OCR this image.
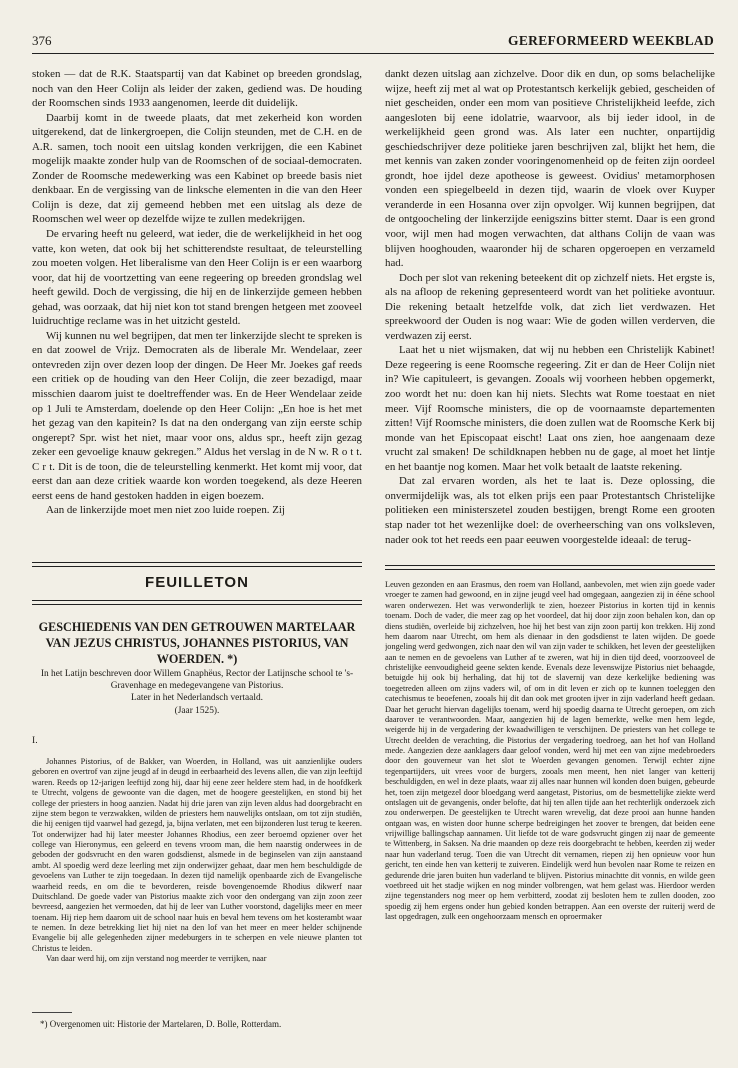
376	GEREFORMEERD WEEKBLAD

stoken — dat de R.K. Staatspartij van dat Kabinet op breeden grondslag, noch van den Heer Colijn als leider der zaken, gediend was. De houding der Roomschen sinds 1933 aangenomen, leerde dit duidelijk.

Daarbij komt in de tweede plaats, dat met zekerheid kon worden uitgerekend, dat de linkergroepen, die Colijn steunden, met de C.H. en de A.R. samen, toch nooit een uitslag konden verkrijgen, die een Kabinet mogelijk maakte zonder hulp van de Roomschen of de sociaal-democraten. Zonder de Roomsche medewerking was een Kabinet op breede basis niet denkbaar. En de vergissing van de linksche elementen in die van den Heer Colijn is deze, dat zij gemeend hebben met een uitslag als deze de Roomschen wel weer op dezelfde wijze te zullen medekrijgen.

De ervaring heeft nu geleerd, wat ieder, die de werkelijkheid in het oog vatte, kon weten, dat ook bij het schitterendste resultaat, de teleurstelling zou moeten volgen. Het liberalisme van den Heer Colijn is er een waarborg voor, dat hij de voortzetting van eene regeering op breeden grondslag wel heeft gewild. Doch de vergissing, die hij en de linkerzijde gemeen hebben gehad, was oorzaak, dat hij niet kon tot stand brengen hetgeen met zooveel luidruchtige reclame was in het uitzicht gesteld.

Wij kunnen nu wel begrijpen, dat men ter linkerzijde slecht te spreken is en dat zoowel de Vrijz. Democraten als de liberale Mr. Wendelaar, zeer ontevreden zijn over dezen loop der dingen. De Heer Mr. Joekes gaf reeds een critiek op de houding van den Heer Colijn, die zeer bezadigd, maar misschien daarom juist te doeltreffender was. En de Heer Wendelaar zeide op 1 Juli te Amsterdam, doelende op den Heer Colijn: „En hoe is het met het gezag van den kapitein? Is dat na den ondergang van zijn eerste schip ongerept? Spr. wist het niet, maar voor ons, aldus spr., heeft zijn gezag zeker een gevoelige knauw gekregen.” Aldus het verslag in de N w. R o t t. C r t. Dit is de toon, die de teleurstelling kenmerkt. Het komt mij voor, dat eerst dan aan deze critiek waarde kon worden toegekend, als deze Heeren eerst eens de hand gestoken hadden in eigen boezem.

Aan de linkerzijde moet men niet zoo luide roepen. Zij

dankt dezen uitslag aan zichzelve. Door dik en dun, op soms belachelijke wijze, heeft zij met al wat op Protestantsch kerkelijk gebied, gescheiden of niet gescheiden, onder een mom van positieve Christelijkheid leefde, zich aangesloten bij eene idolatrie, waarvoor, als bij ieder idool, in de werkelijkheid geen grond was. Als later een nuchter, onpartijdig geschiedschrijver deze politieke jaren beschrijven zal, blijkt het hem, die met kennis van zaken zonder vooringenomenheid op de feiten zijn oordeel grondt, hoe ijdel deze apotheose is geweest. Ovidius' metamorphosen vonden een spiegelbeeld in dezen tijd, waarin de vloek over Kuyper veranderde in een Hosanna over zijn opvolger. Wij kunnen begrijpen, dat de ontgoocheling der linkerzijde eenigszins bitter stemt. Daar is een grond voor, wijl men had mogen verwachten, dat althans Colijn de vaan was blijven hooghouden, waaronder hij de scharen opgeroepen en verzameld had.

Doch per slot van rekening beteekent dit op zichzelf niets. Het ergste is, als na afloop de rekening gepresenteerd wordt van het politieke avontuur. Die rekening betaalt hetzelfde volk, dat zich liet verdwazen. Het spreekwoord der Ouden is nog waar: Wie de goden willen verderven, die verdwazen zij eerst.

Laat het u niet wijsmaken, dat wij nu hebben een Christelijk Kabinet! Deze regeering is eene Roomsche regeering. Zit er dan de Heer Colijn niet in? Wie capituleert, is gevangen. Zooals wij voorheen hebben opgemerkt, zoo wordt het nu: doen kan hij niets. Slechts wat Rome toestaat en niet meer. Vijf Roomsche ministers, die op de voornaamste departementen zitten! Vijf Roomsche ministers, die doen zullen wat de Roomsche Kerk bij monde van het Episcopaat eischt! Laat ons zien, hoe aangenaam deze vrucht zal smaken! De schildknapen hebben nu de gage, al moet het lintje en het baantje nog komen. Maar het volk betaalt de laatste rekening.

Dat zal ervaren worden, als het te laat is. Deze oplossing, die onvermijdelijk was, als tot elken prijs een paar Protestantsch Christelijke politieken een ministerszetel zouden bestijgen, brengt Rome een grooten stap nader tot het wezenlijke doel: de overheersching van ons volksleven, nader ook tot het reeds een paar eeuwen voorgestelde ideaal: de terug-

FEUILLETON
GESCHIEDENIS VAN DEN GETROUWEN MARTELAAR VAN JEZUS CHRISTUS, JOHANNES PISTORIUS, VAN WOERDEN. *)
In het Latijn beschreven door Willem Gnaphëus, Rector der Latijnsche school te 's-Gravenhage en medegevangene van Pistorius.
Later in het Nederlandsch vertaald.
(Jaar 1525).
I.

Johannes Pistorius, of de Bakker, van Woerden, in Holland, was uit aanzienlijke ouders geboren en overtrof van zijne jeugd af in deugd in eerbaarheid des levens allen, die van zijn leeftijd waren. Reeds op 12-jarigen leeftijd zong hij, daar hij eene zeer heldere stem had, in de hoofdkerk te Utrecht, volgens de gewoonte van die dagen, met de hoogere geestelijken, en stond bij het college der priesters in hoog aanzien. Nadat hij drie jaren van zijn leven aldus had doorgebracht en zijne stem begon te verzwakken, wilden de priesters hem nauwelijks ontslaan, om tot zijn studiën, die hij eenigen tijd vaarwel had gezegd, ja, bijna verlaten, met een bijzonderen lust terug te keeren. Tot onderwijzer had hij later meester Johannes Rhodius, een zeer beroemd opziener over het college van Hieronymus, een geleerd en tevens vroom man, die hem naarstig onderwees in de geboden der godsvrucht en den waren godsdienst, alsmede in de beginselen van zijn aanstaand ambt. Al spoedig werd deze leerling met zijn onderwijzer gehaat, daar men hem beschuldigde de gevoelens van Luther te zijn toegedaan. In dezen tijd namelijk openbaarde zich de Evangelische waarheid reeds, en om die te bevorderen, reisde bovengenoemde Rhodius dikwerf naar Duitschland. De goede vader van Pistorius maakte zich voor den ondergang van zijn zoon zeer bevreesd, aangezien het vermoeden, dat hij de leer van Luther voorstond, dagelijks meer en meer toenam. Hij riep hem daarom uit de school naar huis en beval hem tevens om het kosterambt waar te nemen. In deze betrekking liet hij niet na den lof van het meer en meer helder schijnende Evangelie bij alle gelegenheden zijner medeburgers in te scherpen en vele nieuwe planten tot Christus te leiden.

Van daar werd hij, om zijn verstand nog meerder te verrijken, naar

Leuven gezonden en aan Erasmus, den roem van Holland, aanbevolen, met wien zijn goede vader vroeger te zamen had gewoond, en in zijne jeugd veel had omgegaan, aangezien zij in ééne school waren onderwezen. Het was verwonderlijk te zien, hoezeer Pistorius in korten tijd in kennis toenam. Doch de vader, die meer zag op het voordeel, dat hij door zijn zoon behalen kon, dan op diens studiën, overleide bij zichzelven, hoe hij het best van zijn zoon partij kon trekken. Hij zond hem daarom naar Utrecht, om hem als dienaar in den godsdienst te laten wijden. De goede jongeling werd gedwongen, zich naar den wil van zijn vader te schikken, het leven der geestelijken aan te nemen en de gevoelens van Luther af te zweren, wat hij in dien tijd deed, voorzooveel de christelijke eenvoudigheid geene sekten kende. Evenals deze levenswijze Pistorius niet behaagde, betuigde hij ook bij herhaling, dat hij tot de slavernij van deze kerkelijke bediening was toegetreden alleen om zijns vaders wil, of om in dit leven er zich op te kunnen toeleggen den catechismus te beoefenen, zooals hij dit dan ook met grooten ijver in zijn vaderland heeft gedaan. Daar het gerucht hiervan dagelijks toenam, werd hij spoedig daarna te Utrecht geroepen, om zich daarover te verantwoorden. Maar, aangezien hij de lagen bemerkte, welke men hem legde, weigerde hij in de vergadering der kwaadwilligen te verschijnen. De priesters van het college te Utrecht deelden de verachting, die Pistorius der vergadering toedroeg, aan het hof van Holland mede. Aangezien deze aanklagers daar geloof vonden, werd hij met een van zijne medebroeders door den gouverneur van het slot te Woerden gevangen genomen. Terwijl echter zijne tegenpartijders, uit vrees voor de burgers, zooals men meent, hen niet langer van ketterij beschuldigden, en wel in deze plaats, waar zij alles naar hunnen wil konden doen buigen, gebeurde het, toen zijn metgezel door bloedgang werd aangetast, Pistorius, om de besmettelijke ziekte werd ontslagen uit de gevangenis, onder belofte, dat hij ten allen tijde aan het rechterlijk onderzoek zich zou onderwerpen. De geestelijken te Utrecht waren wrevelig, dat deze prooi aan hunne handen ontgaan was, en wisten door hunne scherpe bedreigingen het zoover te brengen, dat beiden eene vrijwillige ballingschap aannamen. Uit liefde tot de ware godsvrucht gingen zij naar de gemeente te Wittenberg, in Saksen. Na drie maanden op deze reis doorgebracht te hebben, keerden zij weder naar hun vaderland terug. Toen die van Utrecht dit vernamen, riepen zij hen opnieuw voor hun gericht, ten einde hen van ketterij te zuiveren. Eindelijk werd hun bevolen naar Rome te reizen en gedurende drie jaren buiten hun vaderland te blijven. Pistorius minachtte dit vonnis, en wilde geen voetbreed uit het stadje wijken en nog minder volbrengen, wat hem gelast was. Hierdoor werden zijne tegenstanders nog meer op hem verbitterd, zoodat zij besloten hem te zullen dooden, zoo spoedig zij hem ergens onder hun gebied konden betrappen. Aan een overste der ruiterij werd de last opgedragen, zulk een ongehoorzaam mensch en oproermaker

*) Overgenomen uit: Historie der Martelaren, D. Bolle, Rotterdam.
